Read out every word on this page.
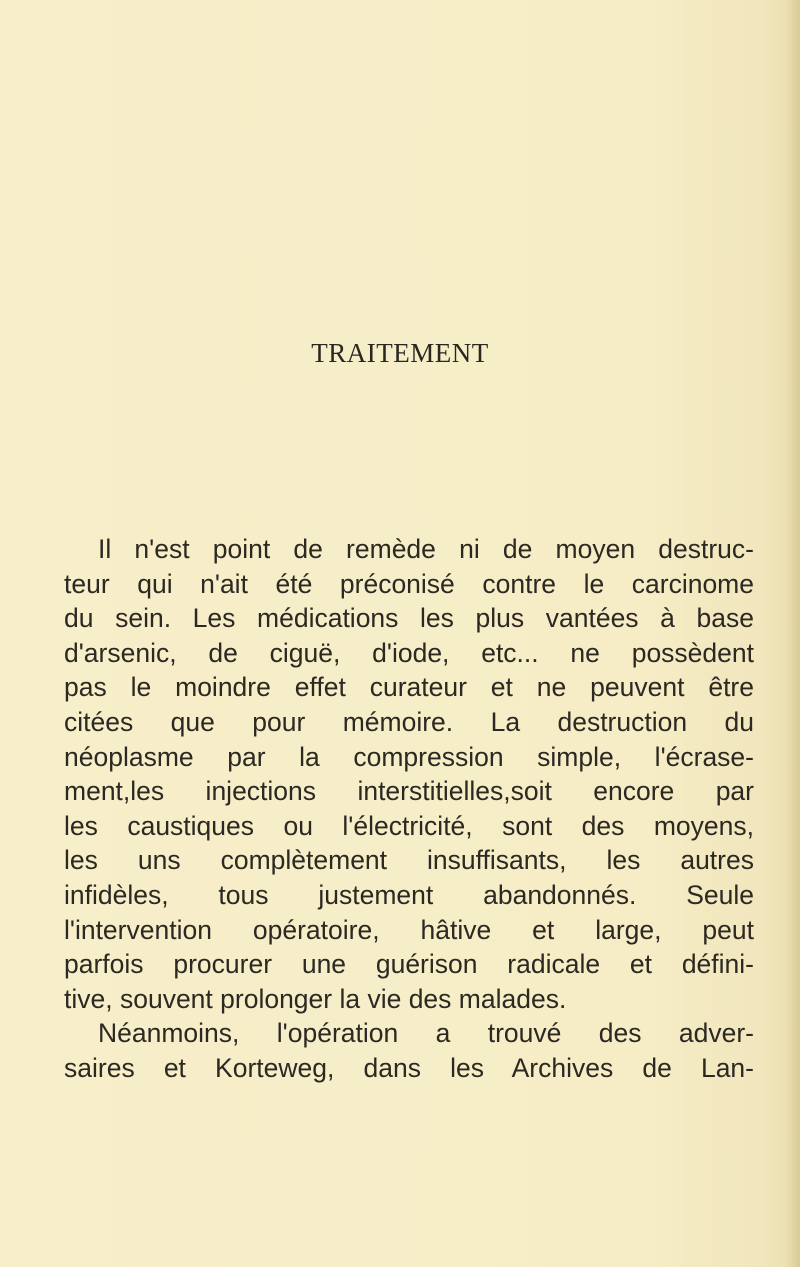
TRAITEMENT
Il n'est point de remède ni de moyen destruc-
teur qui n'ait été préconisé contre le carcinome
du sein. Les médications les plus vantées à base
d'arsenic, de ciguë, d'iode, etc... ne possèdent
pas le moindre effet curateur et ne peuvent être
citées que pour mémoire. La destruction du
néoplasme par la compression simple, l'écrase-
ment,les injections interstitielles,soit encore par
les caustiques ou l'électricité, sont des moyens,
les uns complètement insuffisants, les autres
infidèles, tous justement abandonnés. Seule
l'intervention opératoire, hâtive et large, peut
parfois procurer une guérison radicale et défini-
tive, souvent prolonger la vie des malades.
Néanmoins, l'opération a trouvé des adver-
saires et Korteweg, dans les Archives de Lan-
